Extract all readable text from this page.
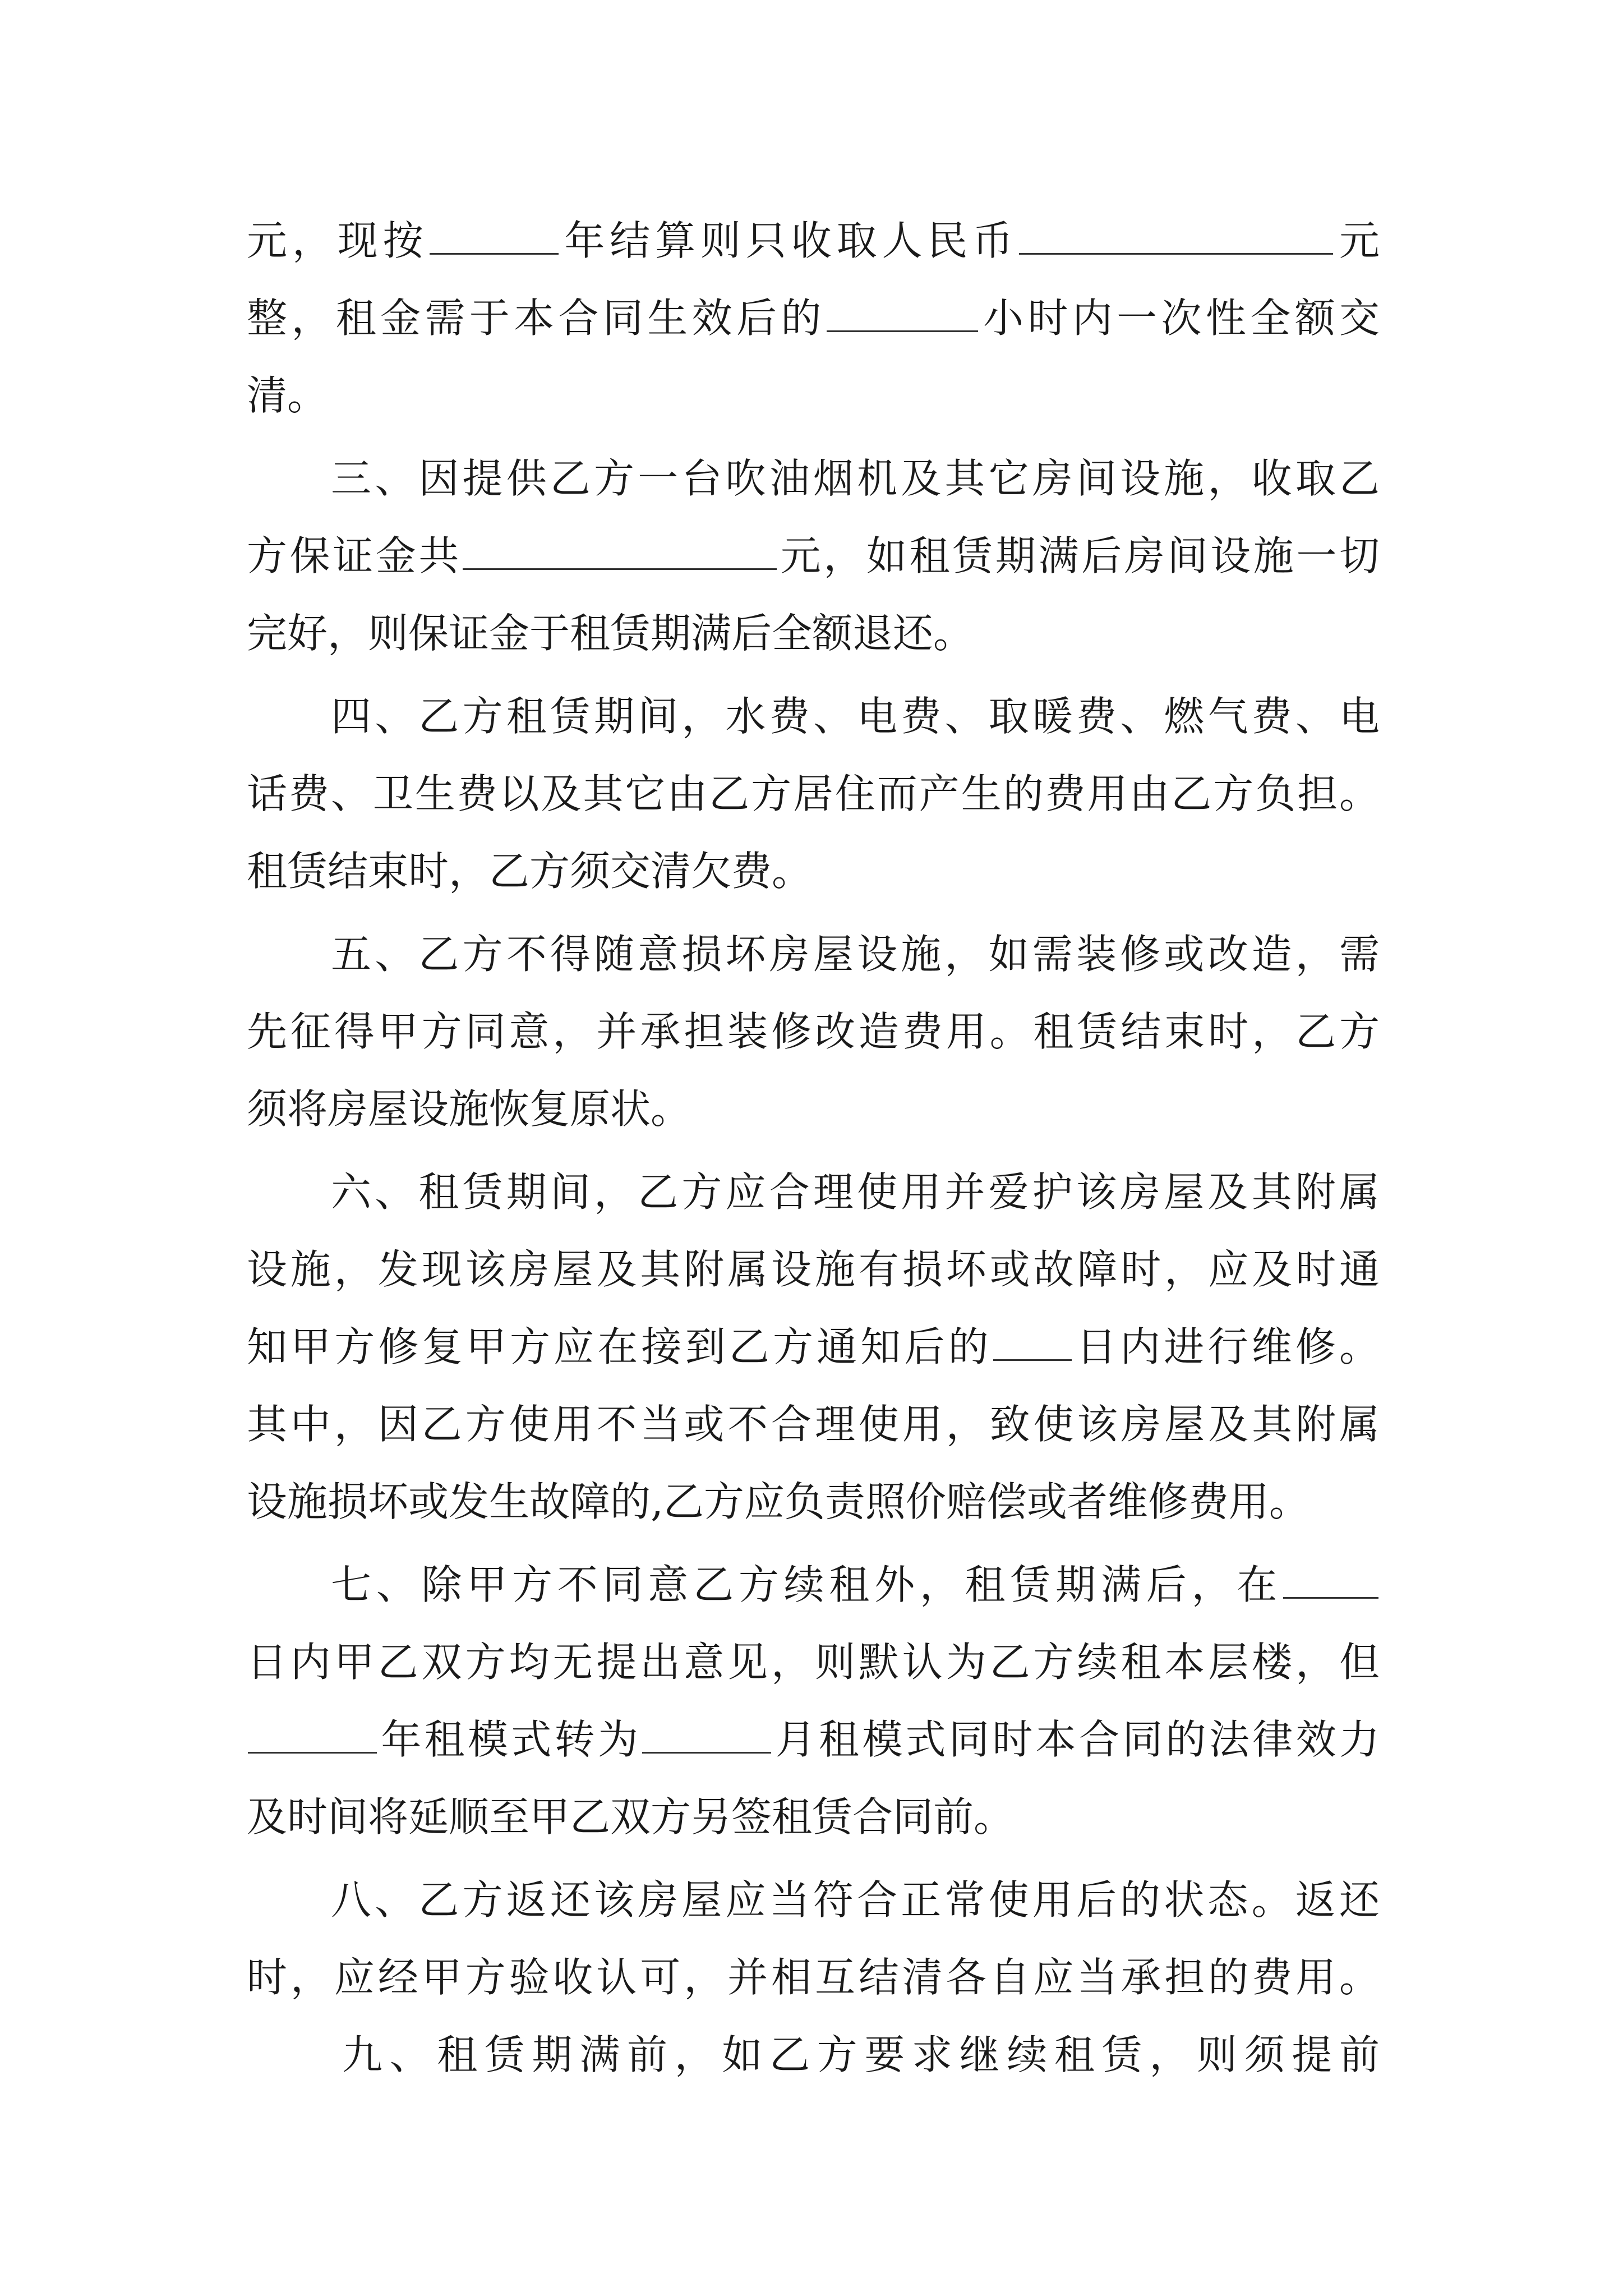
元，现按	年结算则只收取人民币	元
整，租金需于本合同生效后的	小时内一次性全额交
清。
三、因提供乙方一台吹油烟机及其它房间设施，收取乙
方保证金共	元，如租赁期满后房间设施一切
完好，则保证金于租赁期满后全额退还。
四、乙方租赁期间，水费、电费、取暖费、燃气费、电
话费、卫生费以及其它由乙方居住而产生的费用由乙方负担。
租赁结束时，乙方须交清欠费。
五、乙方不得随意损坏房屋设施，如需装修或改造，需
先征得甲方同意，并承担装修改造费用。租赁结束时，乙方
须将房屋设施恢复原状。
六、租赁期间，乙方应合理使用并爱护该房屋及其附属
设施，发现该房屋及其附属设施有损坏或故障时，应及时通
知甲方修复甲方应在接到乙方通知后的 日内进行维修。
其中，因乙方使用不当或不合理使用，致使该房屋及其附属
设施损坏或发生故障的,乙方应负责照价赔偿或者维修费用。
七、除甲方不同意乙方续租外，租赁期满后，在
日内甲乙双方均无提出意见，则默认为乙方续租本层楼，但
年租模式转为	月租模式同时本合同的法律效力
及时间将延顺至甲乙双方另签租赁合同前。
八、乙方返还该房屋应当符合正常使用后的状态。返还
时，应经甲方验收认可，并相互结清各自应当承担的费用。
九、租赁期满前，如乙方要求继续租赁，则须提前
